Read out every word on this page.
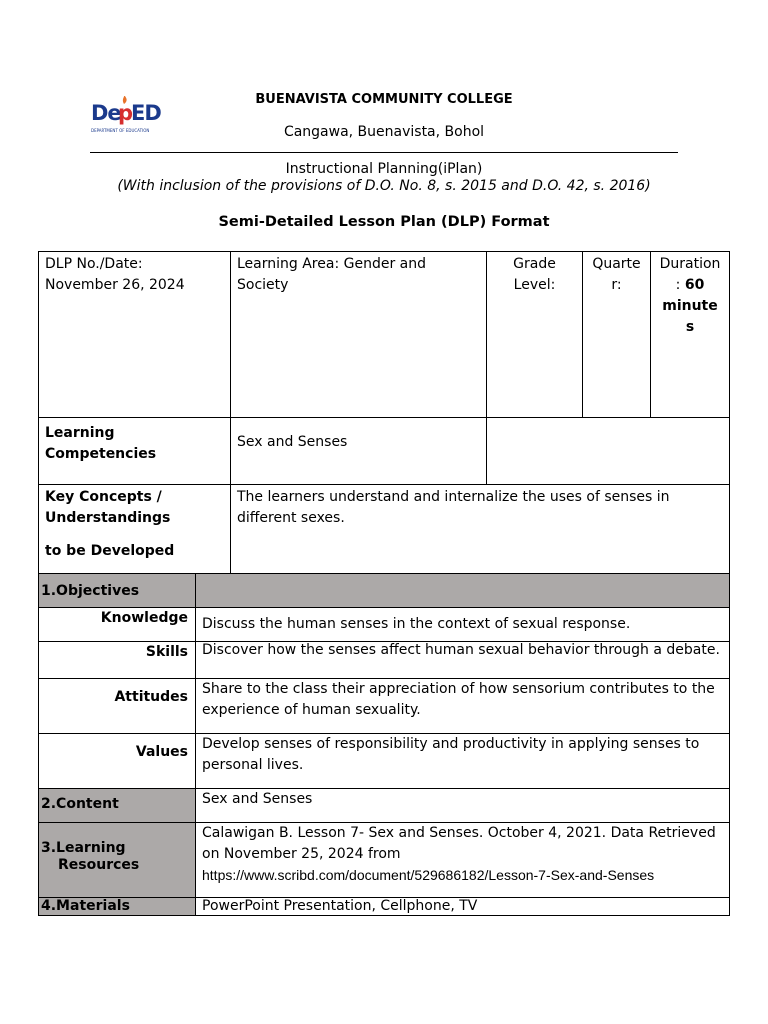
De
p
ED
DEPARTMENT OF EDUCATION
BUENAVISTA COMMUNITY COLLEGE
Cangawa, Buenavista, Bohol
Instructional Planning(iPlan)
(With inclusion of the provisions of D.O. No. 8, s. 2015 and D.O. 42, s. 2016)
Semi-Detailed Lesson Plan (DLP) Format
DLP No./Date:
November 26, 2024
Learning Area: Gender and Society
Grade Level:
Quarte
r:
Duration
: 60
minute
s
Learning
Competencies
Sex and Senses
Key Concepts /
Understandings
to be Developed
The learners understand and internalize the uses of senses in different sexes.
1.Objectives
Knowledge Discuss the human senses in the context of sexual response.
Skills Discover how the senses affect human sexual behavior through a debate.
Attitudes Share to the class their appreciation of how sensorium contributes to the experience of human sexuality.
Values Develop senses of responsibility and productivity in applying senses to personal lives.
2.Content	Sex and Senses
3.Learning
Resources
Calawigan B. Lesson 7- Sex and Senses. October 4, 2021. Data Retrieved on November 25, 2024 from
https://www.scribd.com/document/529686182/Lesson-7-Sex-and-Senses
4.Materials	PowerPoint Presentation, Cellphone, TV
